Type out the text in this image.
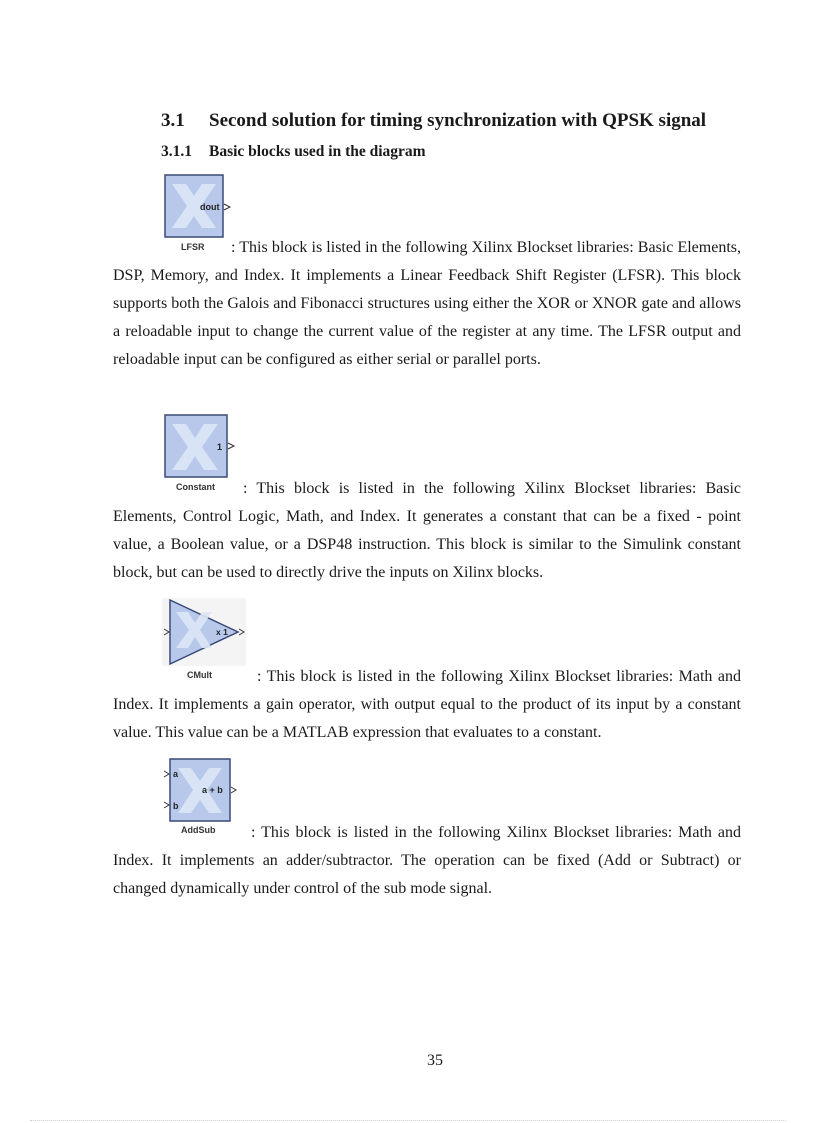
3.1 Second solution for timing synchronization with QPSK signal
3.1.1 Basic blocks used in the diagram
dout
LFSR	: This block is listed in the following Xilinx Blockset libraries: Basic Elements, DSP, Memory, and Index. It implements a Linear Feedback Shift Register (LFSR). This block supports both the Galois and Fibonacci structures using either the XOR or XNOR gate and allows a reloadable input to change the current value of the register at any time. The LFSR output and reloadable input can be configured as either serial or parallel ports.
1
Constant	: This block is listed in the following Xilinx Blockset libraries: Basic Elements, Control Logic, Math, and Index. It generates a constant that can be a fixed - point value, a Boolean value, or a DSP48 instruction. This block is similar to the Simulink constant block, but can be used to directly drive the inputs on Xilinx blocks.
x 1
CMult	: This block is listed in the following Xilinx Blockset libraries: Math and Index. It implements a gain operator, with output equal to the product of its input by a constant value. This value can be a MATLAB expression that evaluates to a constant.
a
b
a + b
AddSub	: This block is listed in the following Xilinx Blockset libraries: Math and Index. It implements an adder/subtractor. The operation can be fixed (Add or Subtract) or changed dynamically under control of the sub mode signal.
35
